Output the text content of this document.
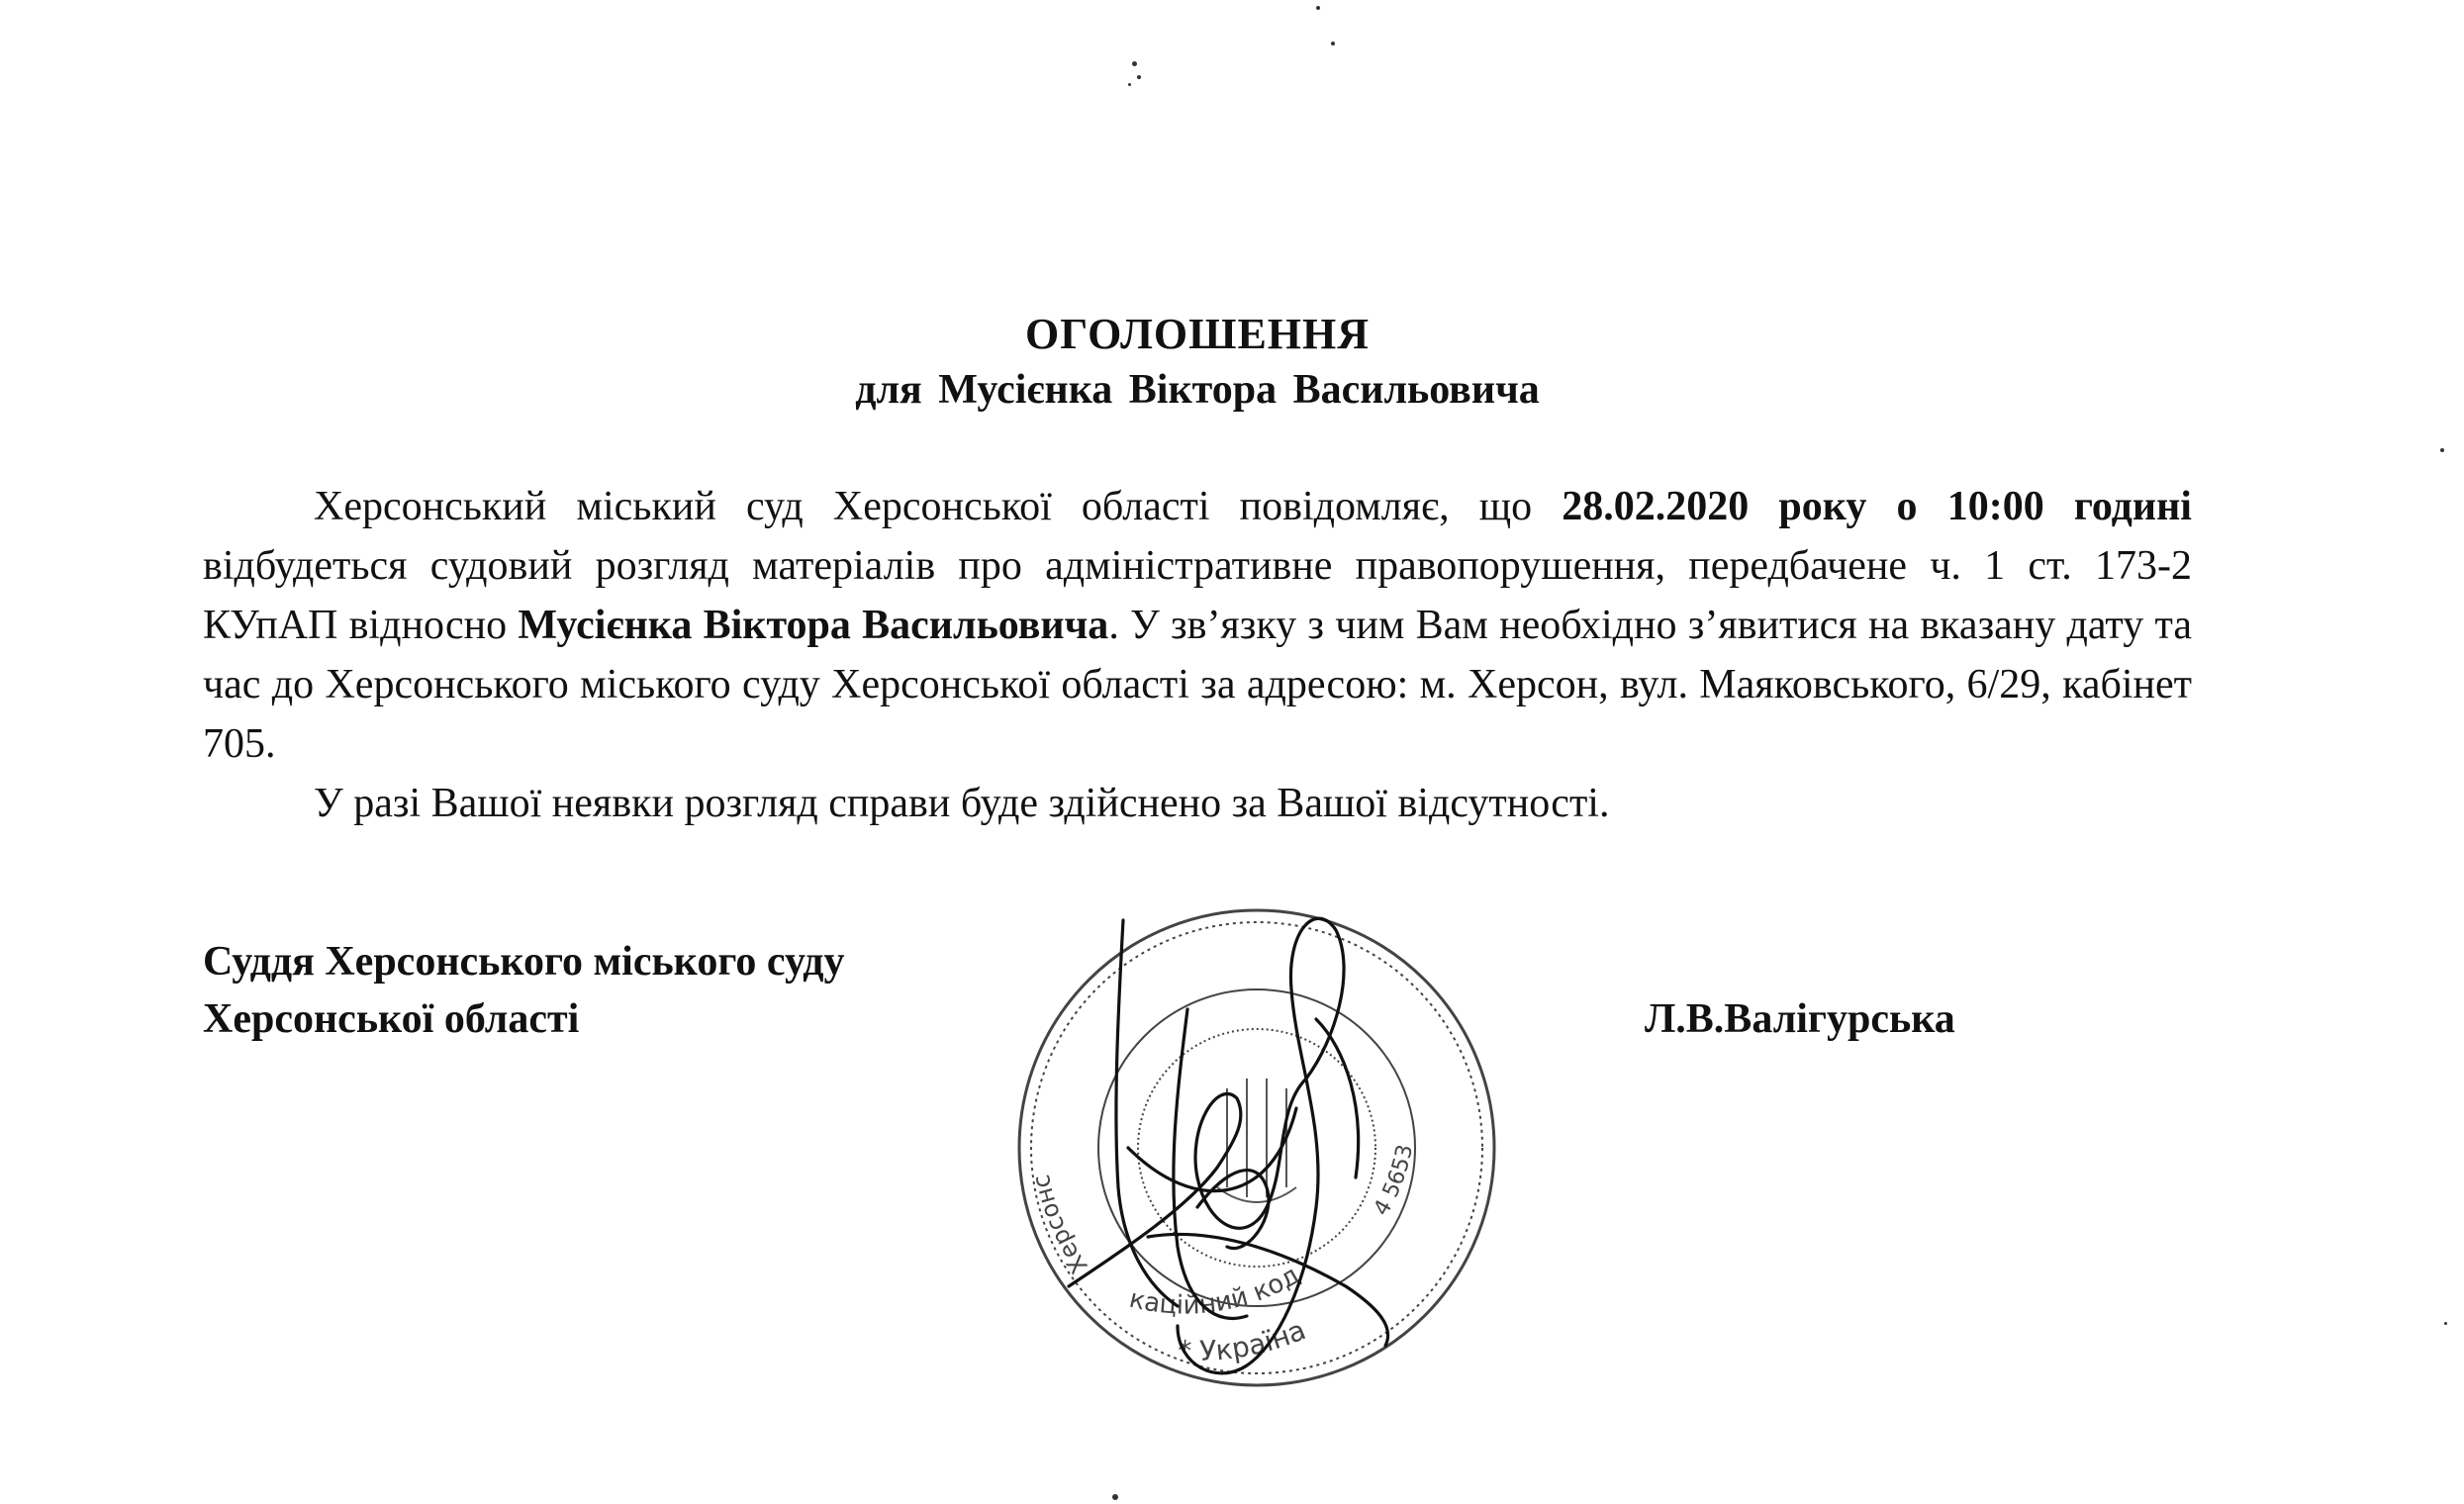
ОГОЛОШЕННЯ
для Мусієнка Віктора Васильовича

Херсонський міський суд Херсонської області повідомляє, що 28.02.2020 року о 10:00 годині відбудеться судовий розгляд матеріалів про адміністративне правопорушення, передбачене ч. 1 ст. 173-2 КУпАП відносно Мусієнка Віктора Васильовича. У зв’язку з чим Вам необхідно з’явитися на вказану дату та час до Херсонського міського суду Херсонської області за адресою: м. Херсон, вул. Маяковського, 6/29, кабінет 705.

У разі Вашої неявки розгляд справи буде здійснено за Вашої відсутності.

Суддя Херсонського міського суду
Херсонської області	Л.В.Валігурська
Херсонс
кацiйний код
* Україна
4 5653
